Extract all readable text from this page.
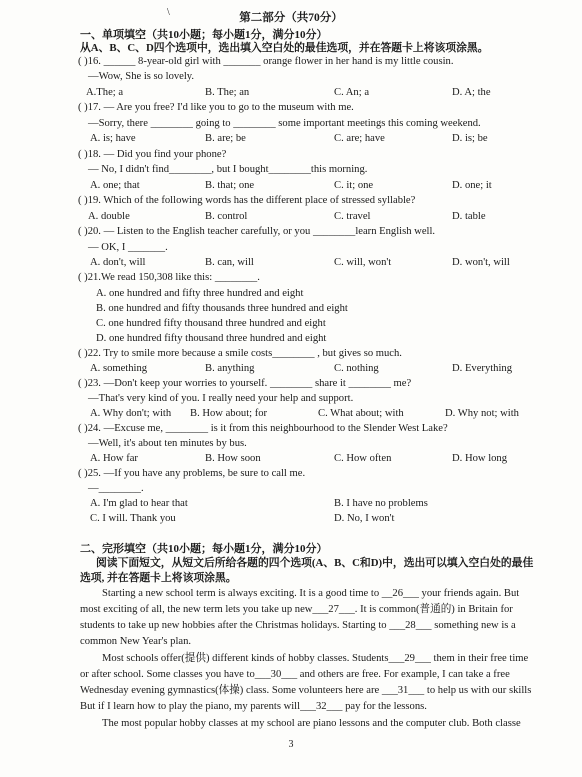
\	第二部分（共70分）
一、单项填空（共10小题；每小题1分，满分10分）
从A、B、C、D四个选项中，选出填入空白处的最佳选项，并在答题卡上将该项涂黑。
( )16. ______ 8-year-old girl with _______ orange flower in her hand is my little cousin.
—Wow, She is so lovely.
A.The; a	B. The; an	C. An; a	D. A; the
( )17. — Are you free? I'd like you to go to the museum with me.
—Sorry, there ________ going to ________ some important meetings this coming weekend.
A. is; have	B. are; be	C. are; have	D. is; be
( )18. — Did you find your phone?
— No, I didn't find________, but I bought________this morning.
A. one; that	B. that; one	C. it; one	D. one; it
( )19. Which of the following words has the different place of stressed syllable?
A. double	B. control	C. travel	D. table
( )20. — Listen to the English teacher carefully, or you ________learn English well.
— OK, I _______.
A. don't, will	B. can, will	C. will, won't	D. won't, will
( )21.We read 150,308 like this: ________.
A. one hundred and fifty three hundred and eight
B. one hundred and fifty thousands three hundred and eight
C. one hundred fifty thousand three hundred and eight
D. one hundred fifty thousand three hundred and eight
( )22. Try to smile more because a smile costs________ , but gives so much.
A. something	B. anything	C. nothing	D. Everything
( )23. —Don't keep your worries to yourself. ________ share it ________ me?
—That's very kind of you. I really need your help and support.
A. Why don't; with B. How about; for	C. What about; with	D. Why not; with
( )24. —Excuse me, ________ is it from this neighbourhood to the Slender West Lake?
—Well, it's about ten minutes by bus.
A. How far	B. How soon	C. How often	D. How long
( )25. —If you have any problems, be sure to call me.
—________.
A. I'm glad to hear that	B. I have no problems
C. I will. Thank you	D. No, I won't
二、完形填空（共10小题；每小题1分，满分10分）
阅读下面短文，从短文后所给各题的四个选项(A、B、C和D)中，选出可以填入空白处的最佳
选项, 并在答题卡上将该项涂黑。
Starting a new school term is always exciting. It is a good time to __26___ your friends again. But
most exciting of all, the new term lets you take up new___27___. It is common(普通的) in Britain for
students to take up new hobbies after the Christmas holidays. Starting to ___28___ something new is a
common New Year's plan.
Most schools offer(提供) different kinds of hobby classes. Students___29___ them in their free time
or after school. Some classes you have to___30___ and others are free. For example, I can take a free
Wednesday evening gymnastics(体操) class. Some volunteers here are ___31___ to help us with our skills
But if I learn how to play the piano, my parents will___32___ pay for the lessons.
The most popular hobby classes at my school are piano lessons and the computer club. Both classe
3
